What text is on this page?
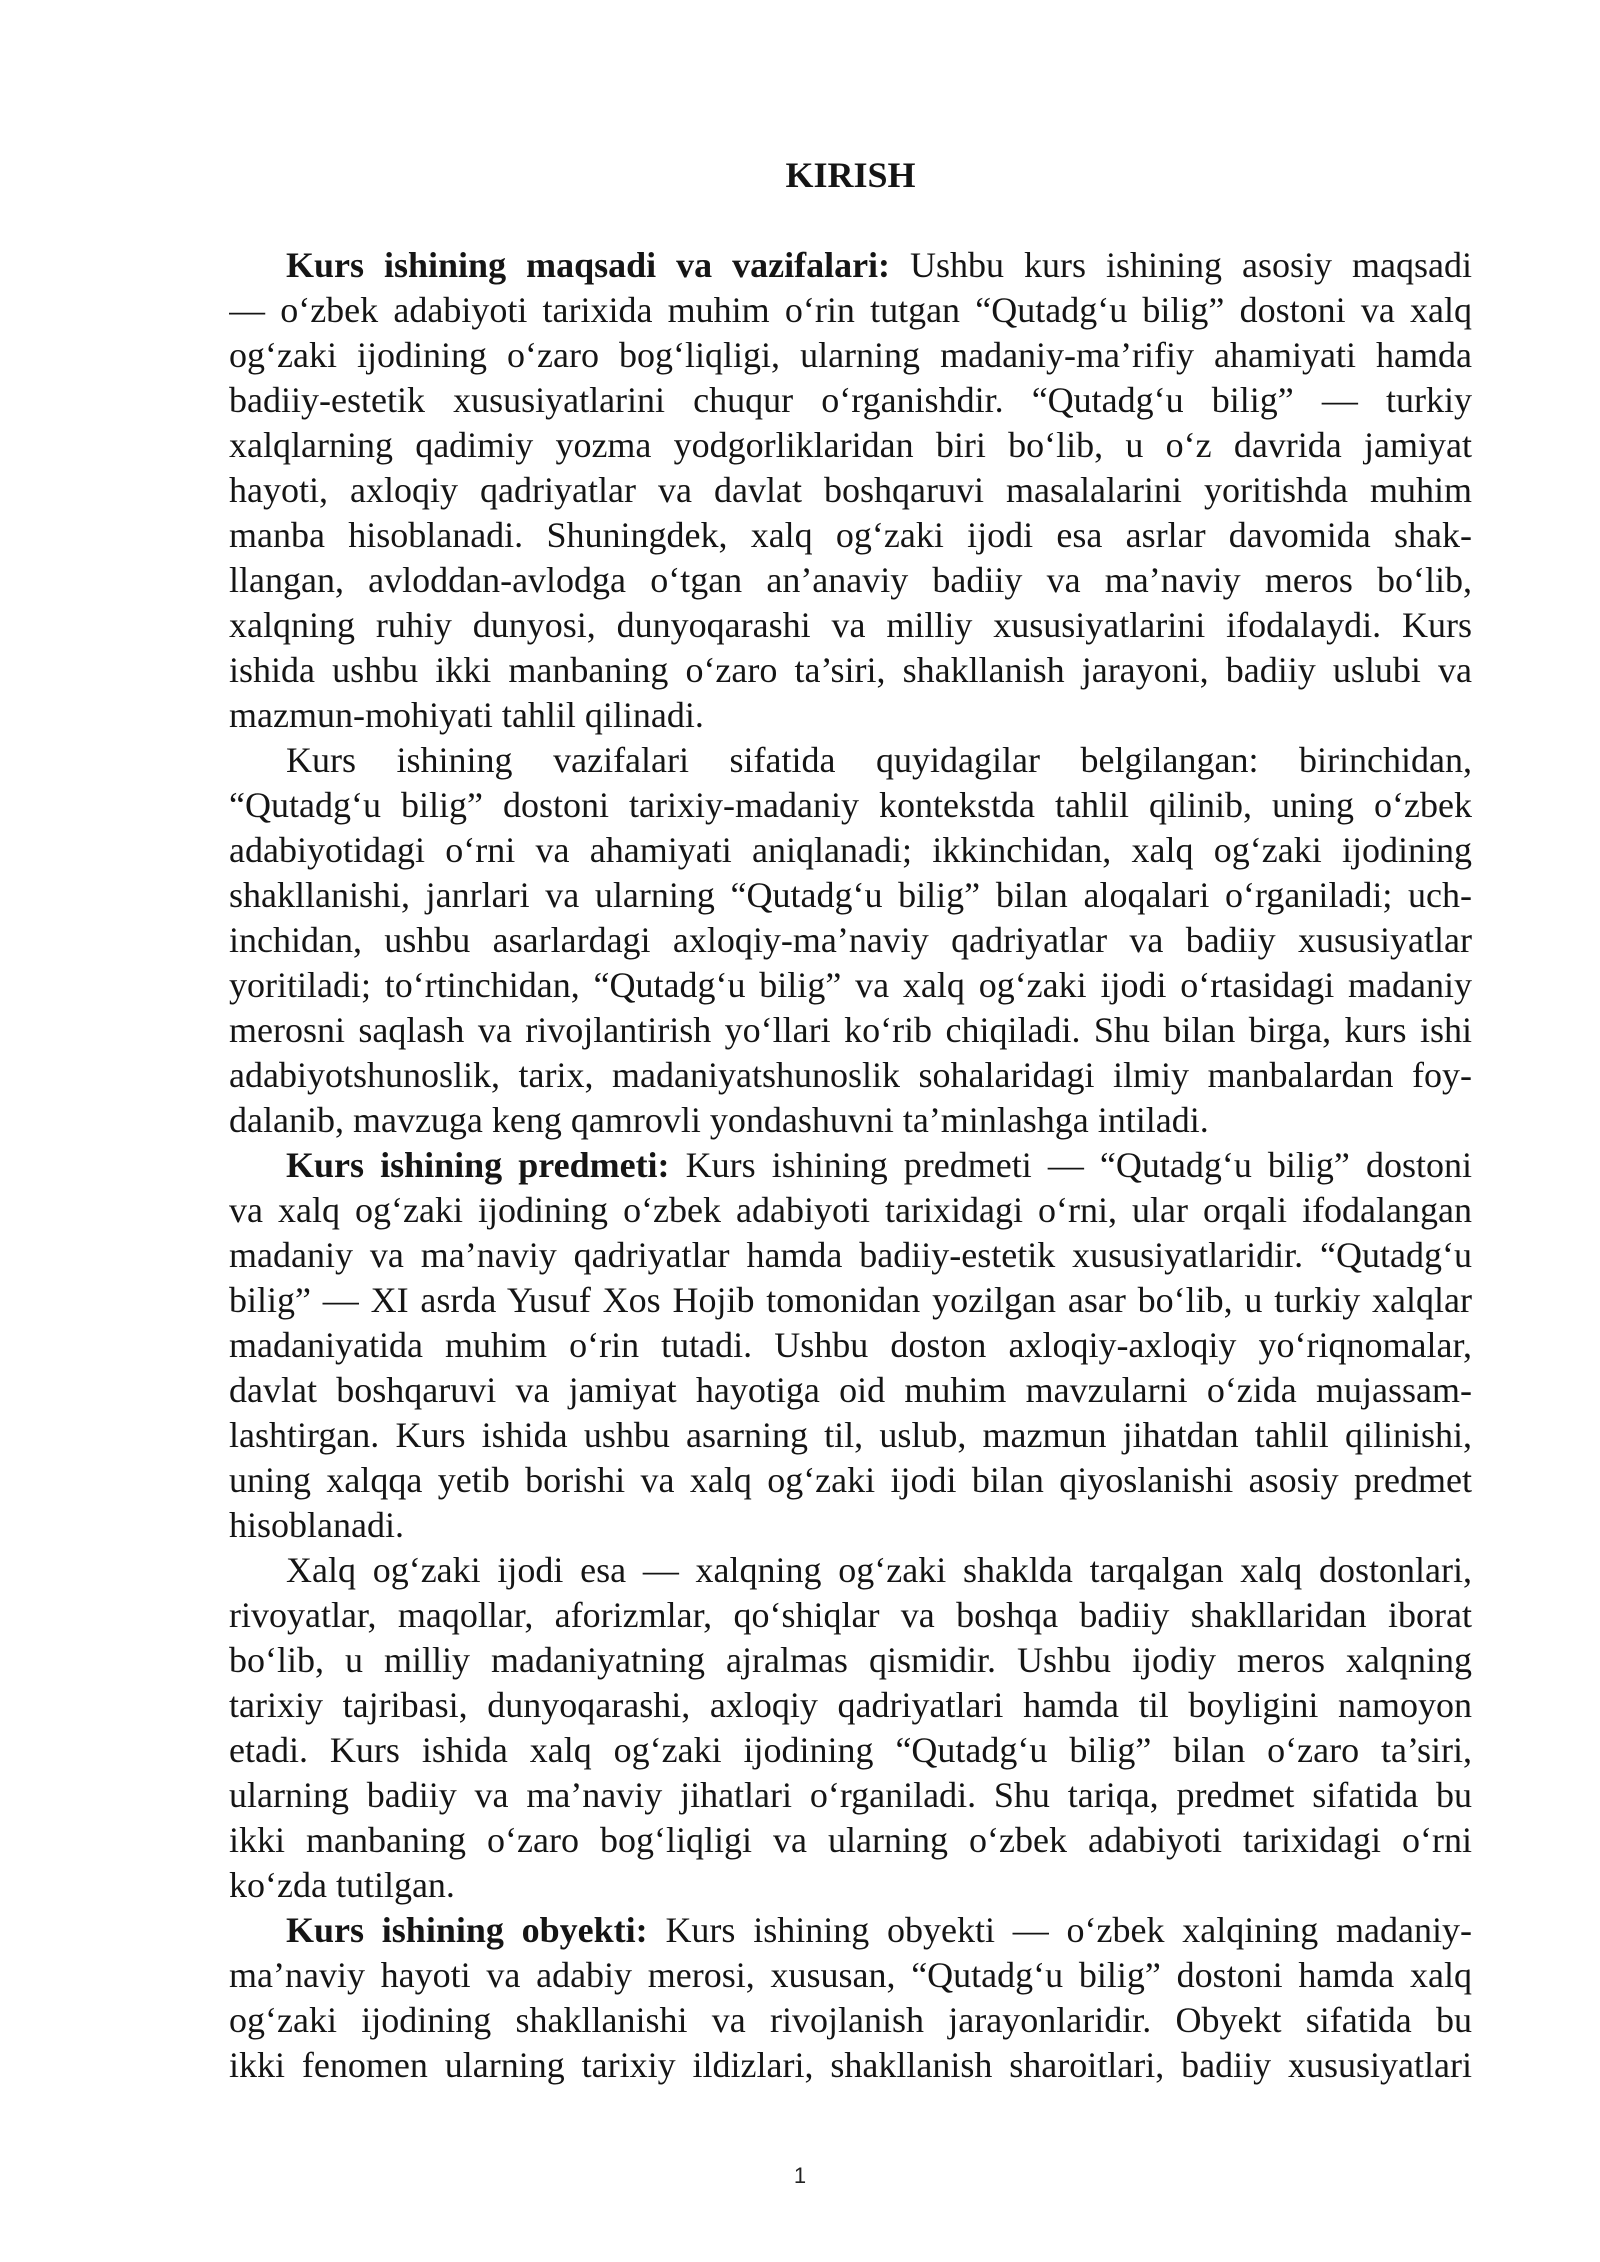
KIRISH
Kurs ishining maqsadi va vazifalari: Ushbu kurs ishining asosiy maqsadi
— o‘zbek adabiyoti tarixida muhim o‘rin tutgan “Qutadg‘u bilig” dostoni va xalq
og‘zaki ijodining o‘zaro bog‘liqligi, ularning madaniy-ma’rifiy ahamiyati hamda
badiiy-estetik xususiyatlarini chuqur o‘rganishdir. “Qutadg‘u bilig” — turkiy
xalqlarning qadimiy yozma yodgorliklaridan biri bo‘lib, u o‘z davrida jamiyat
hayoti, axloqiy qadriyatlar va davlat boshqaruvi masalalarini yoritishda muhim
manba hisoblanadi. Shuningdek, xalq og‘zaki ijodi esa asrlar davomida shak-
llangan, avloddan-avlodga o‘tgan an’anaviy badiiy va ma’naviy meros bo‘lib,
xalqning ruhiy dunyosi, dunyoqarashi va milliy xususiyatlarini ifodalaydi. Kurs
ishida ushbu ikki manbaning o‘zaro ta’siri, shakllanish jarayoni, badiiy uslubi va
mazmun-mohiyati tahlil qilinadi.
Kurs ishining vazifalari sifatida quyidagilar belgilangan: birinchidan,
“Qutadg‘u bilig” dostoni tarixiy-madaniy kontekstda tahlil qilinib, uning o‘zbek
adabiyotidagi o‘rni va ahamiyati aniqlanadi; ikkinchidan, xalq og‘zaki ijodining
shakllanishi, janrlari va ularning “Qutadg‘u bilig” bilan aloqalari o‘rganiladi; uch-
inchidan, ushbu asarlardagi axloqiy-ma’naviy qadriyatlar va badiiy xususiyatlar
yoritiladi; to‘rtinchidan, “Qutadg‘u bilig” va xalq og‘zaki ijodi o‘rtasidagi madaniy
merosni saqlash va rivojlantirish yo‘llari ko‘rib chiqiladi. Shu bilan birga, kurs ishi
adabiyotshunoslik, tarix, madaniyatshunoslik sohalaridagi ilmiy manbalardan foy-
dalanib, mavzuga keng qamrovli yondashuvni ta’minlashga intiladi.
Kurs ishining predmeti: Kurs ishining predmeti — “Qutadg‘u bilig” dostoni
va xalq og‘zaki ijodining o‘zbek adabiyoti tarixidagi o‘rni, ular orqali ifodalangan
madaniy va ma’naviy qadriyatlar hamda badiiy-estetik xususiyatlaridir. “Qutadg‘u
bilig” — XI asrda Yusuf Xos Hojib tomonidan yozilgan asar bo‘lib, u turkiy xalqlar
madaniyatida muhim o‘rin tutadi. Ushbu doston axloqiy-axloqiy yo‘riqnomalar,
davlat boshqaruvi va jamiyat hayotiga oid muhim mavzularni o‘zida mujassam-
lashtirgan. Kurs ishida ushbu asarning til, uslub, mazmun jihatdan tahlil qilinishi,
uning xalqqa yetib borishi va xalq og‘zaki ijodi bilan qiyoslanishi asosiy predmet
hisoblanadi.
Xalq og‘zaki ijodi esa — xalqning og‘zaki shaklda tarqalgan xalq dostonlari,
rivoyatlar, maqollar, aforizmlar, qo‘shiqlar va boshqa badiiy shakllaridan iborat
bo‘lib, u milliy madaniyatning ajralmas qismidir. Ushbu ijodiy meros xalqning
tarixiy tajribasi, dunyoqarashi, axloqiy qadriyatlari hamda til boyligini namoyon
etadi. Kurs ishida xalq og‘zaki ijodining “Qutadg‘u bilig” bilan o‘zaro ta’siri,
ularning badiiy va ma’naviy jihatlari o‘rganiladi. Shu tariqa, predmet sifatida bu
ikki manbaning o‘zaro bog‘liqligi va ularning o‘zbek adabiyoti tarixidagi o‘rni
ko‘zda tutilgan.
Kurs ishining obyekti: Kurs ishining obyekti — o‘zbek xalqining madaniy-
ma’naviy hayoti va adabiy merosi, xususan, “Qutadg‘u bilig” dostoni hamda xalq
og‘zaki ijodining shakllanishi va rivojlanish jarayonlaridir. Obyekt sifatida bu
ikki fenomen ularning tarixiy ildizlari, shakllanish sharoitlari, badiiy xususiyatlari
1
